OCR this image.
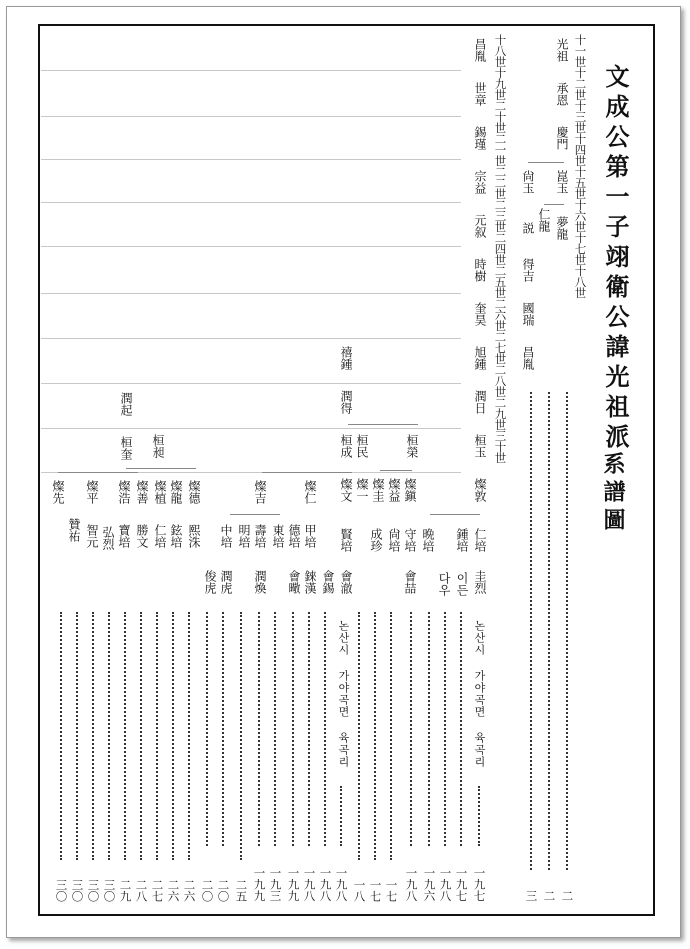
文成公第一子翊衛公諱光祖派
系譜圖
十一世十二世十三世十四世十五世十六世十七世十八世
十八世十九世二十世二一世二二世二三世二四世二五世二六世二七世二八世二九世三十世	光祖
承恩
慶門
崑玉
夢龍
仁龍
尙玉
説
得吉
國瑞
昌胤
昌胤
世章
錫瑾
宗益
元叙
時樹
奎昊
旭鍾
潤日
桓玉
燦敦
仁培
圭烈
禧鍾
潤得
桓成
燦文
賢培
會澈
桓民
燦一
成珍
桓榮
燦益
尙培
燦圭 燦鎭
守培
會喆
晩培 鍾培
다우 이든
潤起
桓奎 桓昶
燦先 燦平
贊祐 智元 弘烈
燦浩
寶培
燦善
勝文
燦植
仁培
燦龍
鉉培
燦德
熙洙
燦吉
中培
俊虎
明培
潤虎
壽培
潤煥
東培
燦仁
德培
會曔
甲培
錸漢 會錫
논산시 가야곡면 육곡리
논산시 가야곡면 육곡리
三〇 三〇 三〇 三〇 二九 二八 二七 二六 二六 二〇 二〇 二五 一九九 一九三 一九九 一九八 一九八 一九八 一八 一七 一七 一九八 一九六 一九八 一九七 一九七	三 二 二
